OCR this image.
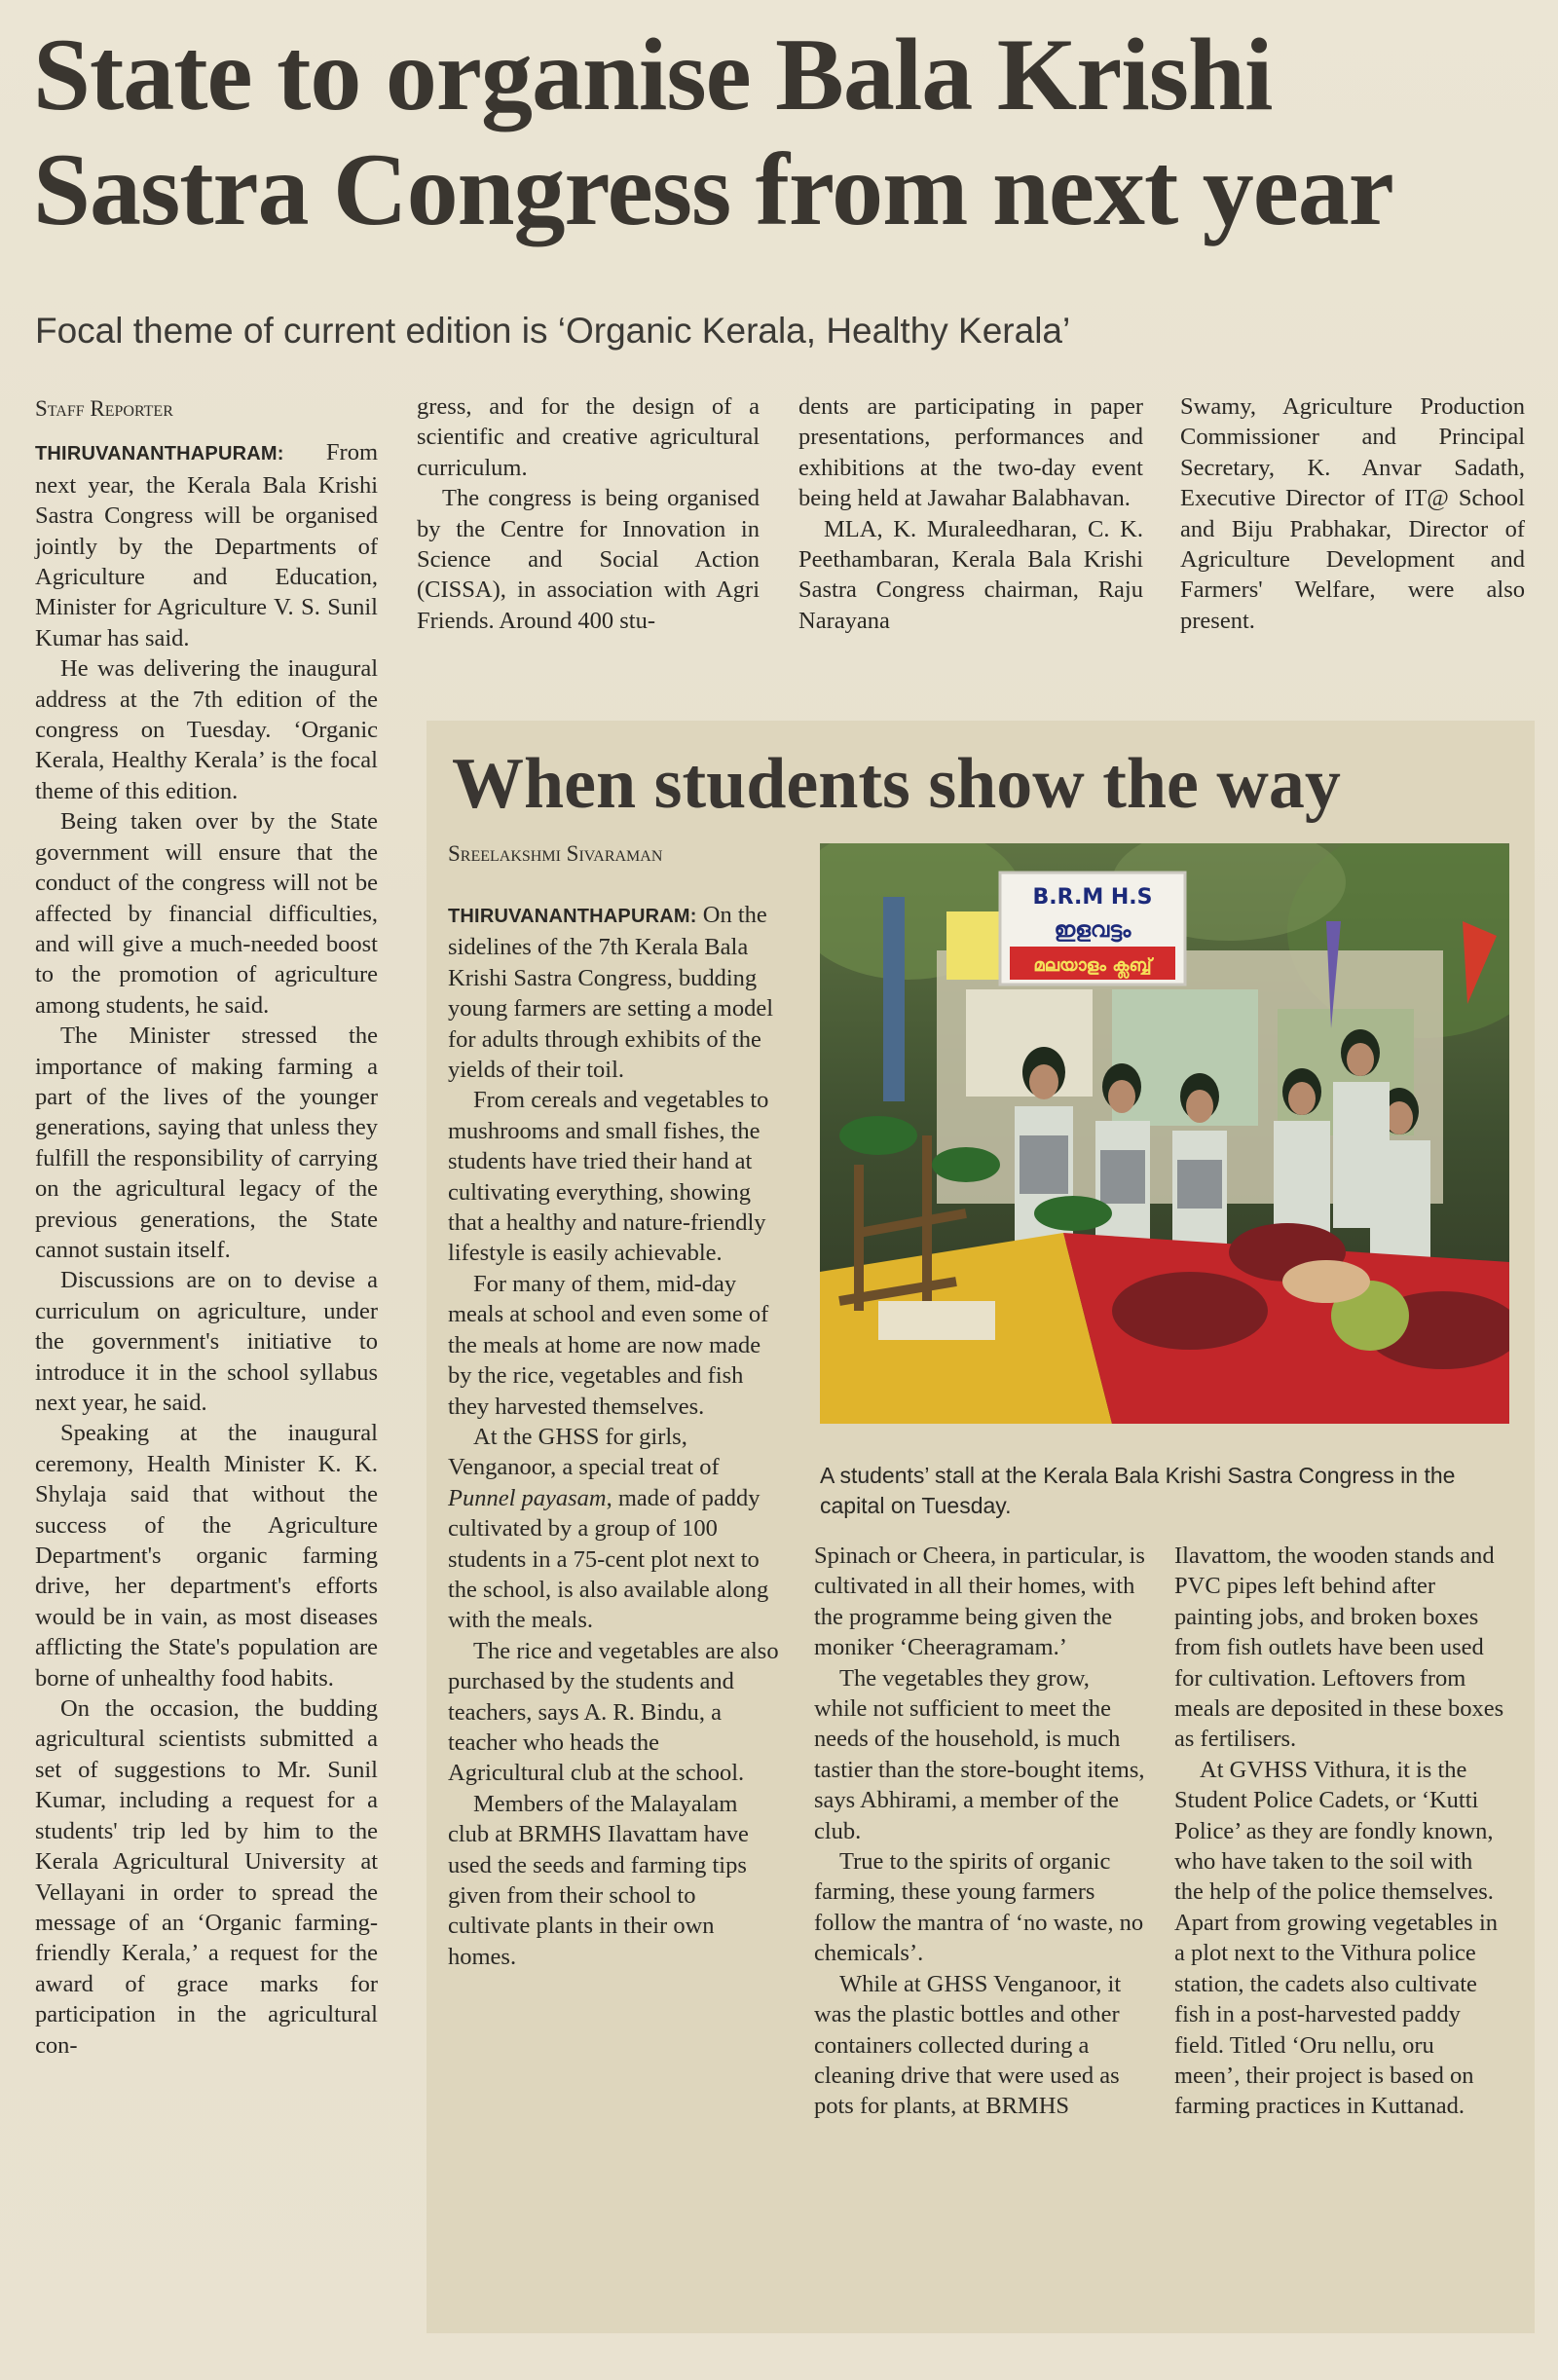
State to organise Bala Krishi Sastra Congress from next year

Focal theme of current edition is ‘Organic Kerala, Healthy Kerala’

Staff Reporter

THIRUVANANTHAPURAM: From next year, the Kerala Bala Krishi Sastra Congress will be organised jointly by the Departments of Agriculture and Education, Minister for Agriculture V. S. Sunil Kumar has said.

He was delivering the inaugural address at the 7th edition of the congress on Tuesday. ‘Organic Kerala, Healthy Kerala’ is the focal theme of this edition.

Being taken over by the State government will ensure that the conduct of the congress will not be affected by financial difficulties, and will give a much-needed boost to the promotion of agriculture among students, he said.

The Minister stressed the importance of making farming a part of the lives of the younger generations, saying that unless they fulfill the responsibility of carrying on the agricultural legacy of the previous generations, the State cannot sustain itself.

Discussions are on to devise a curriculum on agriculture, under the government's initiative to introduce it in the school syllabus next year, he said.

Speaking at the inaugural ceremony, Health Minister K. K. Shylaja said that without the success of the Agriculture Department's organic farming drive, her department's efforts would be in vain, as most diseases afflicting the State's population are borne of unhealthy food habits.

On the occasion, the budding agricultural scientists submitted a set of suggestions to Mr. Sunil Kumar, including a request for a students' trip led by him to the Kerala Agricultural University at Vellayani in order to spread the message of an ‘Organic farming-friendly Kerala,’ a request for the award of grace marks for participation in the agricultural con-

gress, and for the design of a scientific and creative agricultural curriculum.

The congress is being organised by the Centre for Innovation in Science and Social Action (CISSA), in association with Agri Friends. Around 400 stu-

dents are participating in paper presentations, performances and exhibitions at the two-day event being held at Jawahar Balabhavan.

MLA, K. Muraleedharan, C. K. Peethambaran, Kerala Bala Krishi Sastra Congress chairman, Raju Narayana

Swamy, Agriculture Production Commissioner and Principal Secretary, K. Anvar Sadath, Executive Director of IT@ School and Biju Prabhakar, Director of Agriculture Development and Farmers' Welfare, were also present.

When students show the way
Sreelakshmi Sivaraman

THIRUVANANTHAPURAM: On the sidelines of the 7th Kerala Bala Krishi Sastra Congress, budding young farmers are setting a model for adults through exhibits of the yields of their toil.

From cereals and vegetables to mushrooms and small fishes, the students have tried their hand at cultivating everything, showing that a healthy and nature-friendly lifestyle is easily achievable.

For many of them, mid-day meals at school and even some of the meals at home are now made by the rice, vegetables and fish they harvested themselves.

At the GHSS for girls, Venganoor, a special treat of Punnel payasam, made of paddy cultivated by a group of 100 students in a 75-cent plot next to the school, is also available along with the meals.

The rice and vegetables are also purchased by the students and teachers, says A. R. Bindu, a teacher who heads the Agricultural club at the school.

Members of the Malayalam club at BRMHS Ilavattam have used the seeds and farming tips given from their school to cultivate plants in their own homes.

B.R.M H.S
ഇളവട്ടം
മലയാളം ക്ലബ്ബ്

A students’ stall at the Kerala Bala Krishi Sastra Congress in the capital on Tuesday.

Spinach or Cheera, in particular, is cultivated in all their homes, with the programme being given the moniker ‘Cheeragramam.’

The vegetables they grow, while not sufficient to meet the needs of the household, is much tastier than the store-bought items, says Abhirami, a member of the club.

True to the spirits of organic farming, these young farmers follow the mantra of ‘no waste, no chemicals’.

While at GHSS Venganoor, it was the plastic bottles and other containers collected during a cleaning drive that were used as pots for plants, at BRMHS

Ilavattom, the wooden stands and PVC pipes left behind after painting jobs, and broken boxes from fish outlets have been used for cultivation. Leftovers from meals are deposited in these boxes as fertilisers.

At GVHSS Vithura, it is the Student Police Cadets, or ‘Kutti Police’ as they are fondly known, who have taken to the soil with the help of the police themselves. Apart from growing vegetables in a plot next to the Vithura police station, the cadets also cultivate fish in a post-harvested paddy field. Titled ‘Oru nellu, oru meen’, their project is based on farming practices in Kuttanad.
